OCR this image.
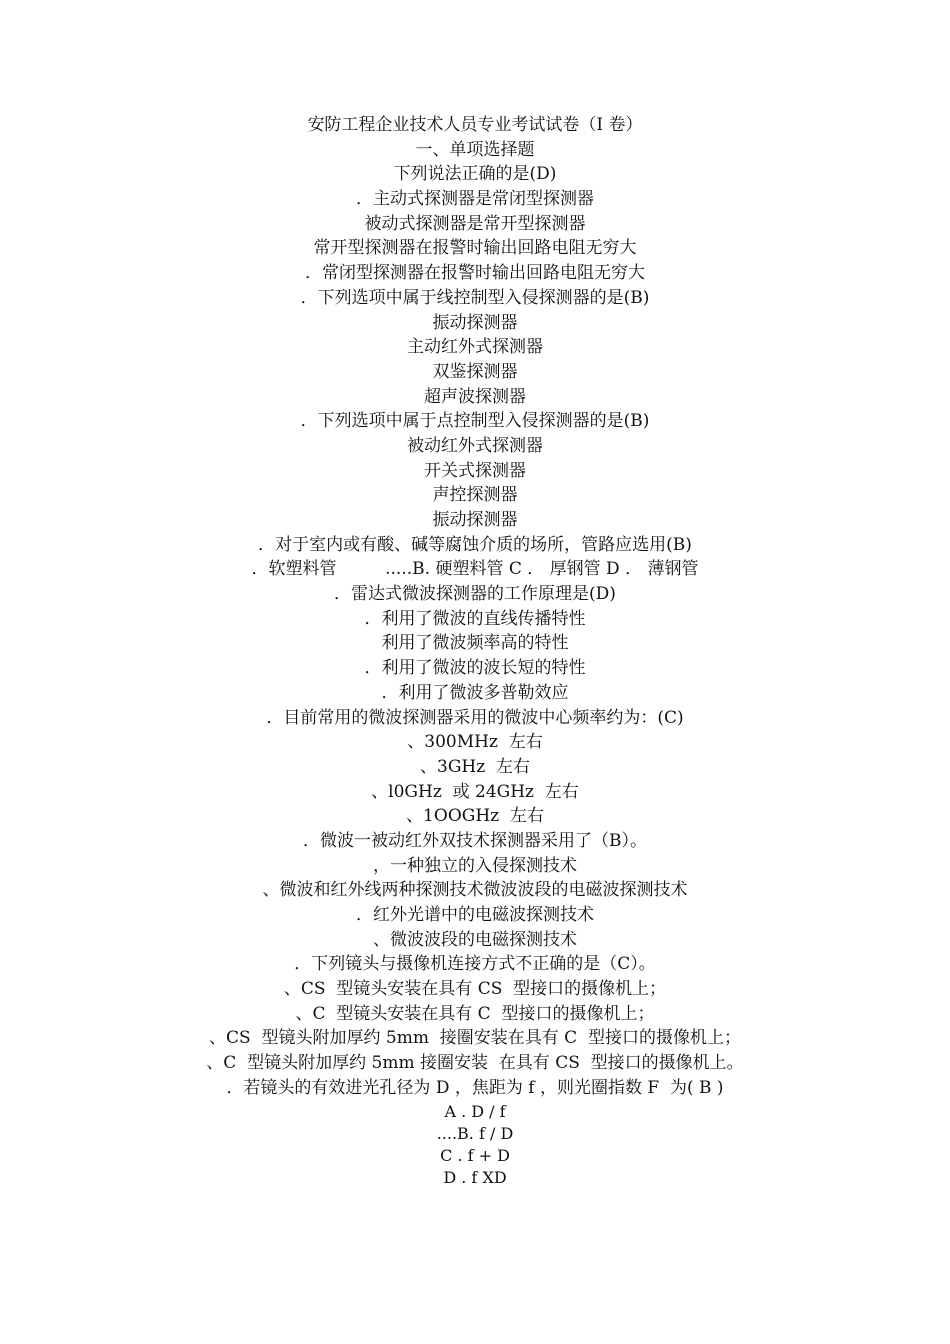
安防工程企业技术人员专业考试试卷（I 卷）
一、单项选择题
下列说法正确的是(D)
．主动式探测器是常闭型探测器
被动式探测器是常开型探测器
常开型探测器在报警时输出回路电阻无穷大
．常闭型探测器在报警时输出回路电阻无穷大
．下列选项中属于线控制型入侵探测器的是(B)
振动探测器
主动红外式探测器
双鉴探测器
超声波探测器
．下列选项中属于点控制型入侵探测器的是(B)
被动红外式探测器
开关式探测器
声控探测器
振动探测器
．对于室内或有酸、碱等腐蚀介质的场所，管路应选用(B)
．软塑料管         .....B. 硬塑料管 C ． 厚钢管 D ． 薄钢管
．雷达式微波探测器的工作原理是(D)
．利用了微波的直线传播特性
利用了微波频率高的特性
．利用了微波的波长短的特性
．利用了微波多普勒效应
．目前常用的微波探测器采用的微波中心频率约为：(C)
、300MHz  左右
、3GHz  左右
、l0GHz  或 24GHz  左右
、1OOGHz  左右
．微波一被动红外双技术探测器采用了（B）。
，一种独立的入侵探测技术
、微波和红外线两种探测技术微波波段的电磁波探测技术
．红外光谱中的电磁波探测技术
、微波波段的电磁探测技术
．下列镜头与摄像机连接方式不正确的是（C）。
、CS  型镜头安装在具有 CS  型接口的摄像机上；
、C  型镜头安装在具有 C  型接口的摄像机上；
、CS  型镜头附加厚约 5mm  接圈安装在具有 C  型接口的摄像机上；
、C  型镜头附加厚约 5mm 接圈安装  在具有 CS  型接口的摄像机上。
．若镜头的有效进光孔径为 D ，焦距为 f ，则光圈指数 F  为( B )
A . D / f
....B. f / D
C . f + D
D . f XD
